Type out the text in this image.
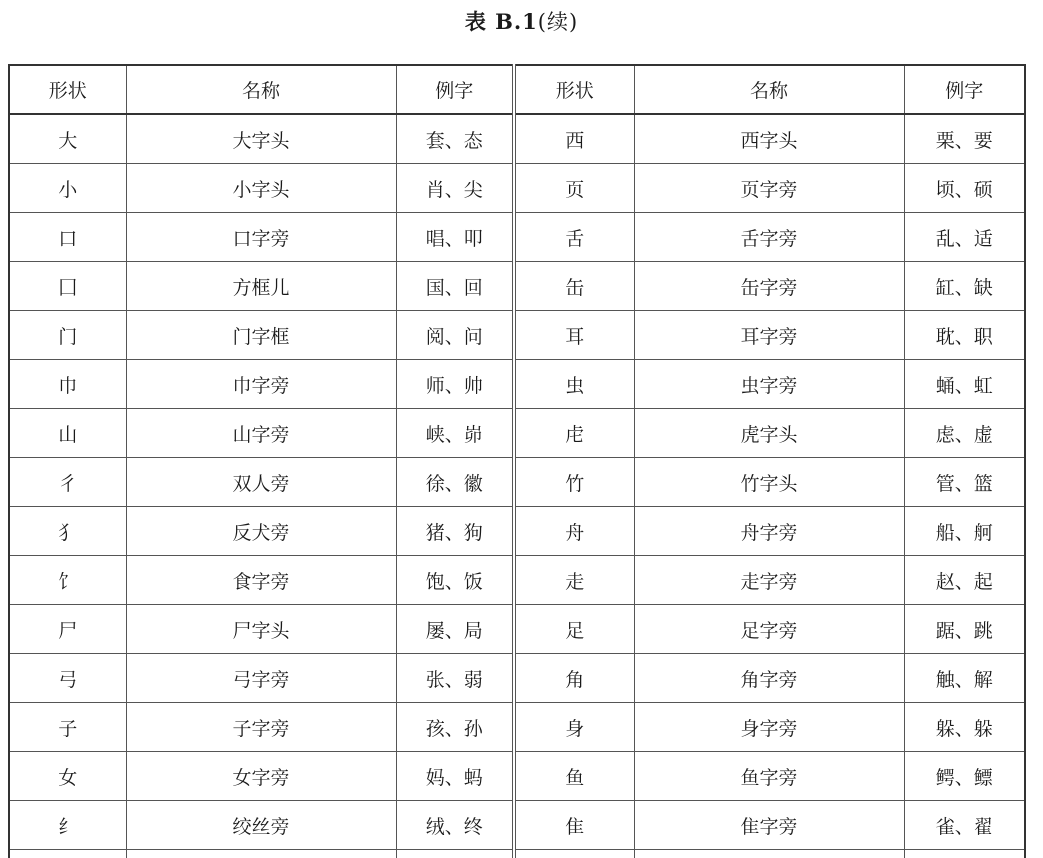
表 B.1(续)
形状	名称	例字	形状	名称	例字
大	大字头	套、态	西	西字头	栗、要
小	小字头	肖、尖	页	页字旁	顷、硕
口	口字旁	唱、叩	舌	舌字旁	乱、适
囗	方框儿	国、回	缶	缶字旁	缸、缺
门	门字框	阅、问	耳	耳字旁	耽、职
巾	巾字旁	师、帅	虫	虫字旁	蛹、虹
山	山字旁	峡、峁	虍	虎字头	虑、虚
彳	双人旁	徐、徽	竹	竹字头	管、篮
犭	反犬旁	猪、狗	舟	舟字旁	船、舸
饣	食字旁	饱、饭	走	走字旁	赵、起
尸	尸字头	屡、局	足	足字旁	踞、跳
弓	弓字旁	张、弱	角	角字旁	触、解
子	子字旁	孩、孙	身	身字旁	躲、躲
女	女字旁	妈、蚂	鱼	鱼字旁	鳄、鳔
纟	绞丝旁	绒、终	隹	隹字旁	雀、翟
